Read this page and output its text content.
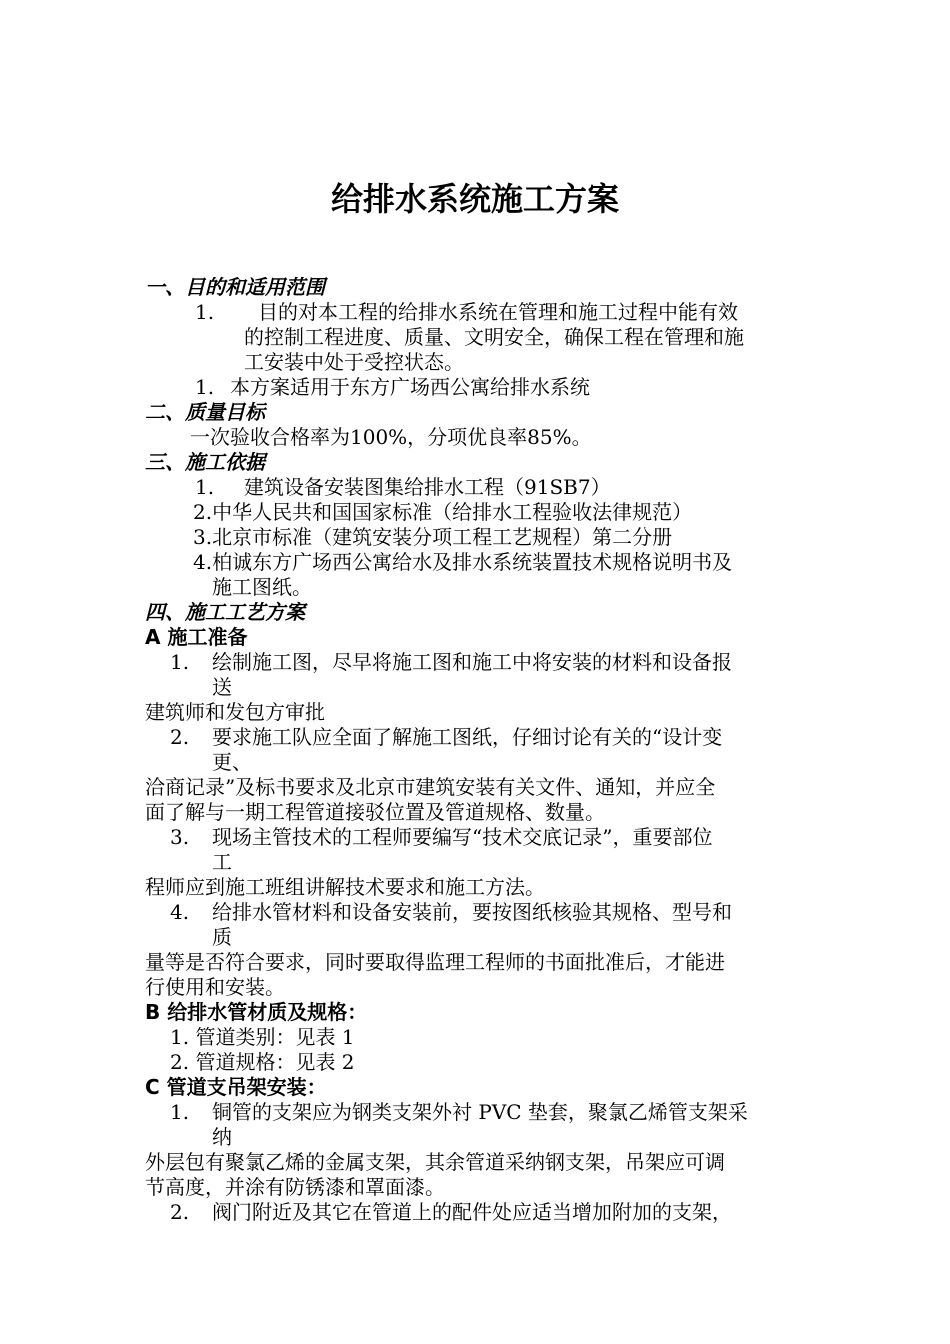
给排水系统施工方案
一、目的和适用范围
1. 目的对本工程的给排水系统在管理和施工过程中能有效
的控制工程进度、质量、文明安全，确保工程在管理和施
工安装中处于受控状态。
1. 本方案适用于东方广场西公寓给排水系统
二、质量目标
一次验收合格率为100%，分项优良率85%。
三、施工依据
1. 建筑设备安装图集给排水工程（91SB7）
2.中华人民共和国国家标准（给排水工程验收法律规范）
3.北京市标准（建筑安装分项工程工艺规程）第二分册
4.柏诚东方广场西公寓给水及排水系统装置技术规格说明书及
施工图纸。
四、施工工艺方案
A 施工准备
1. 绘制施工图，尽早将施工图和施工中将安装的材料和设备报
送
建筑师和发包方审批
2. 要求施工队应全面了解施工图纸，仔细讨论有关的“设计变
更、
洽商记录”及标书要求及北京市建筑安装有关文件、通知，并应全
面了解与一期工程管道接驳位置及管道规格、数量。
3. 现场主管技术的工程师要编写“技术交底记录”，重要部位
工
程师应到施工班组讲解技术要求和施工方法。
4. 给排水管材料和设备安装前，要按图纸核验其规格、型号和
质
量等是否符合要求，同时要取得监理工程师的书面批准后，才能进
行使用和安装。
B 给排水管材质及规格：
1. 管道类别：见表 1
2. 管道规格：见表 2
C 管道支吊架安装：
1. 铜管的支架应为钢类支架外衬 PVC 垫套，聚氯乙烯管支架采
纳
外层包有聚氯乙烯的金属支架，其余管道采纳钢支架，吊架应可调
节高度，并涂有防锈漆和罩面漆。
2. 阀门附近及其它在管道上的配件处应适当增加附加的支架，
